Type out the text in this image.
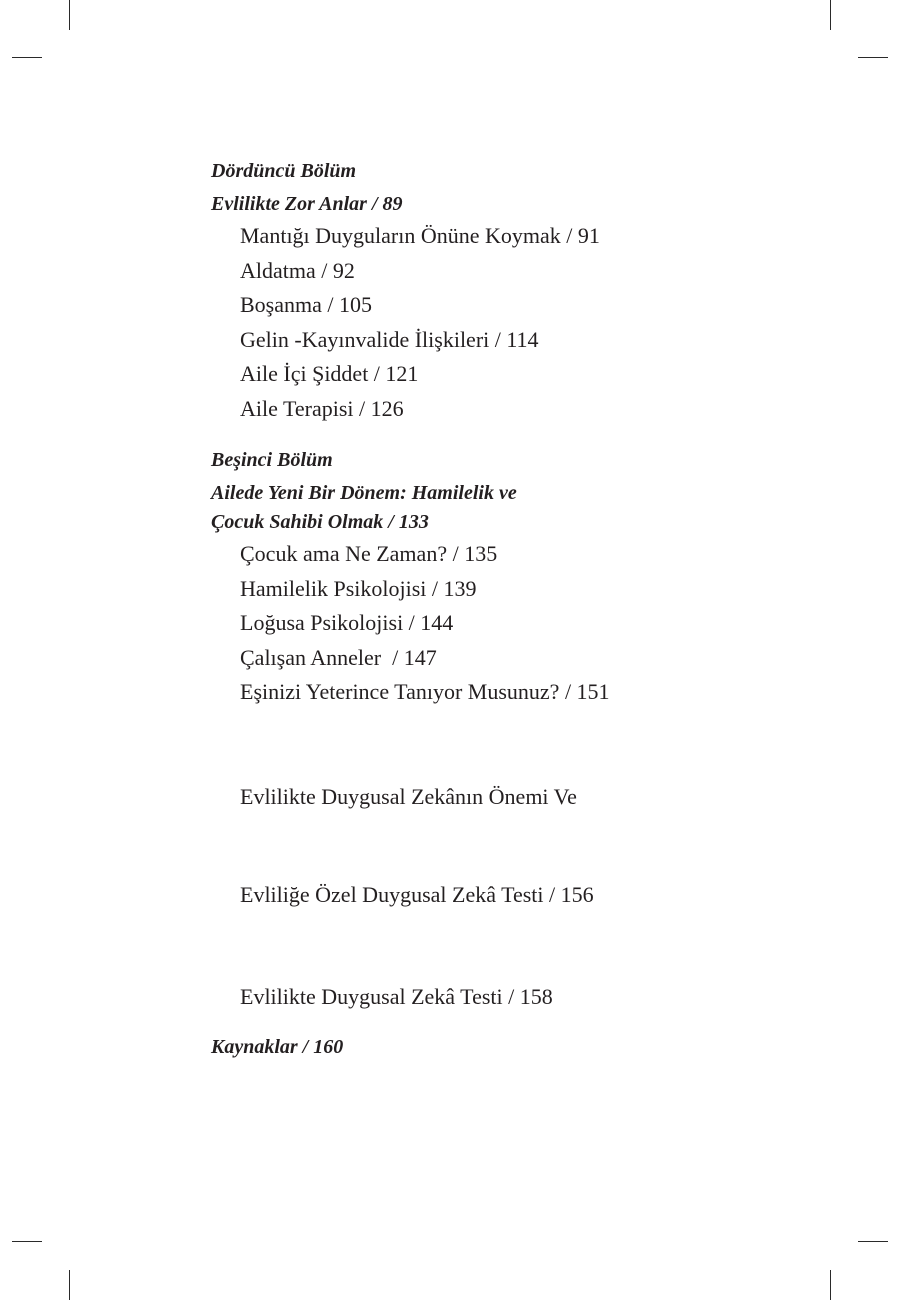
Dördüncü Bölüm

Evlilikte Zor Anlar / 89

Mantığı Duyguların Önüne Koymak / 91
Aldatma / 92
Boşanma / 105
Gelin -Kayınvalide İlişkileri / 114
Aile İçi Şiddet / 121
Aile Terapisi / 126

Beşinci Bölüm

Ailede Yeni Bir Dönem: Hamilelik ve
Çocuk Sahibi Olmak / 133

Çocuk ama Ne Zaman? / 135
Hamilelik Psikolojisi / 139
Loğusa Psikolojisi / 144
Çalışan Anneler  / 147
Eşinizi Yeterince Tanıyor Musunuz? / 151

Evlilikte Duygusal Zekânın Önemi Ve

Evliliğe Özel Duygusal Zekâ Testi / 156

Evlilikte Duygusal Zekâ Testi / 158

Kaynaklar / 160
